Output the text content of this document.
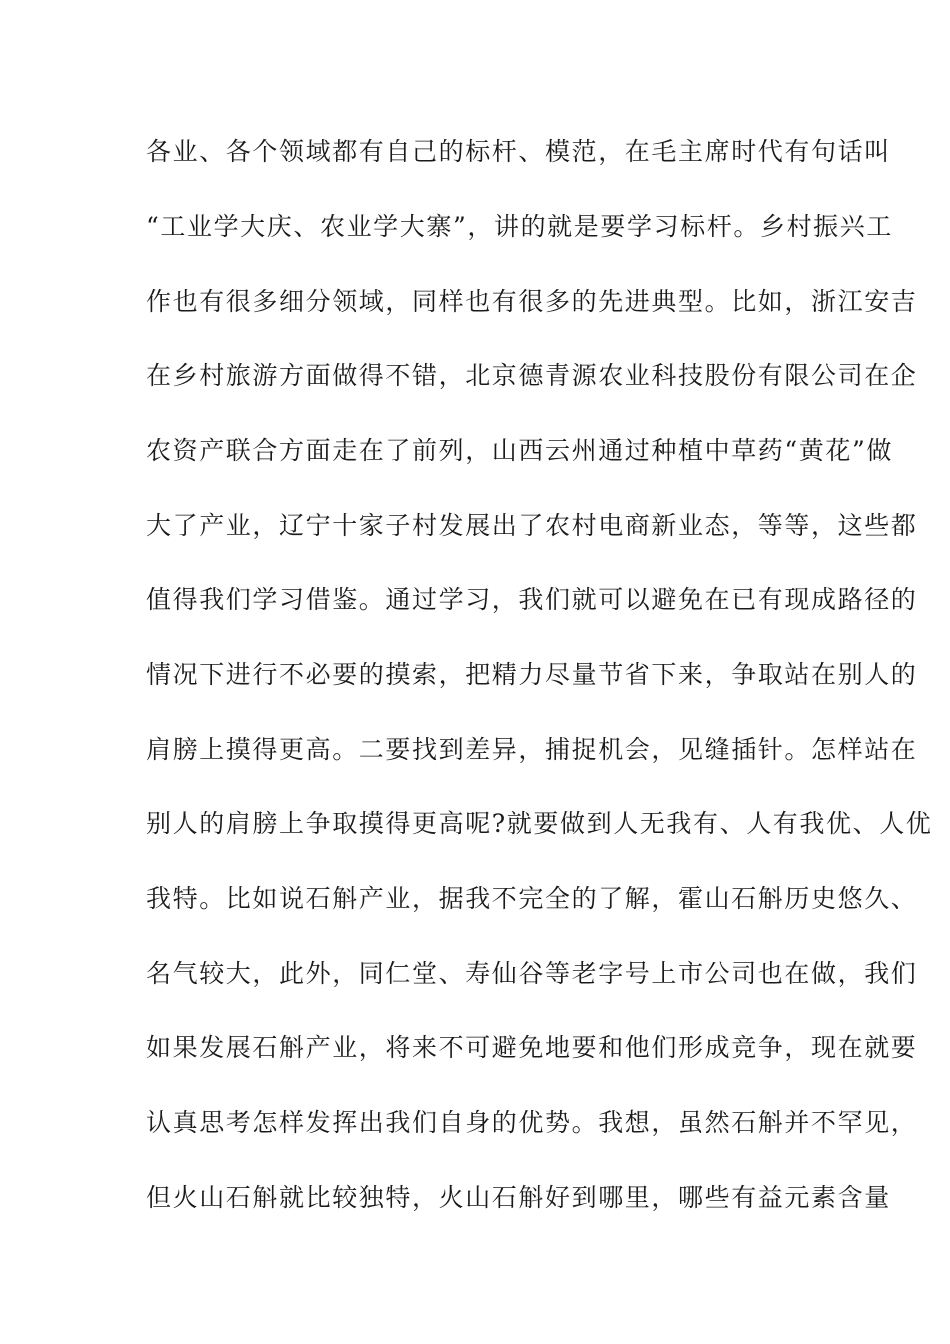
各业、各个领域都有自己的标杆、模范，在毛主席时代有句话叫
“工业学大庆、农业学大寨”，讲的就是要学习标杆。乡村振兴工
作也有很多细分领域，同样也有很多的先进典型。比如，浙江安吉
在乡村旅游方面做得不错，北京德青源农业科技股份有限公司在企
农资产联合方面走在了前列，山西云州通过种植中草药“黄花”做
大了产业，辽宁十家子村发展出了农村电商新业态，等等，这些都
值得我们学习借鉴。通过学习，我们就可以避免在已有现成路径的
情况下进行不必要的摸索，把精力尽量节省下来，争取站在别人的
肩膀上摸得更高。二要找到差异，捕捉机会，见缝插针。怎样站在
别人的肩膀上争取摸得更高呢?就要做到人无我有、人有我优、人优
我特。比如说石斛产业，据我不完全的了解，霍山石斛历史悠久、
名气较大，此外，同仁堂、寿仙谷等老字号上市公司也在做，我们
如果发展石斛产业，将来不可避免地要和他们形成竞争，现在就要
认真思考怎样发挥出我们自身的优势。我想，虽然石斛并不罕见，
但火山石斛就比较独特，火山石斛好到哪里，哪些有益元素含量
